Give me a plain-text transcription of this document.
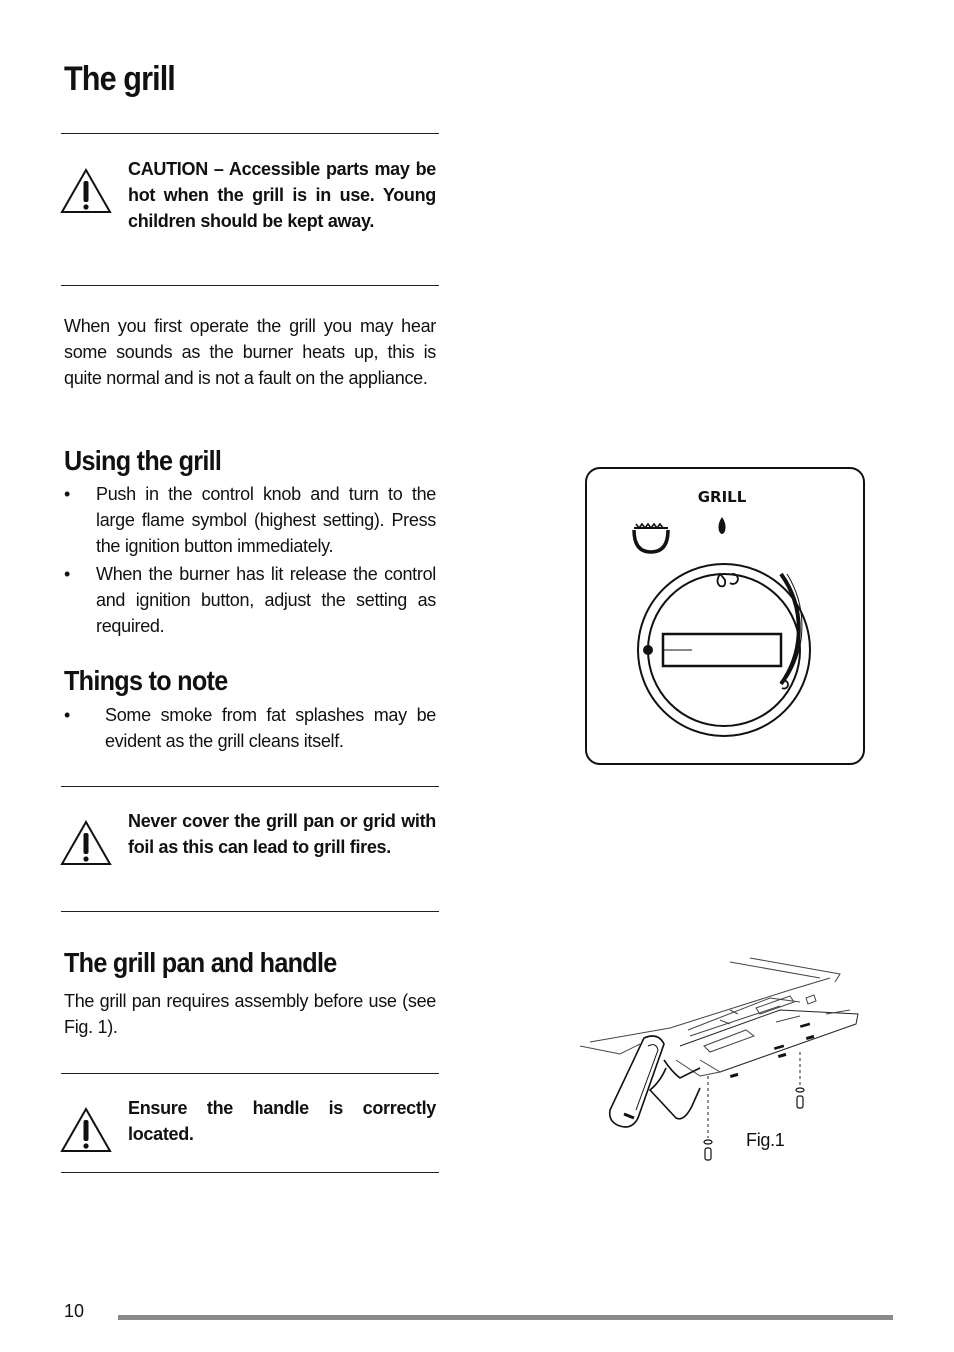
The grill

CAUTION – Accessible parts may be hot when the grill is in use. Young children should be kept away.

When you first operate the grill you may hear some sounds as the burner heats up, this is quite normal and is not a fault on the appliance.

Using the grill
• Push in the control knob and turn to the large flame symbol (highest setting). Press the ignition button immediately.
• When the burner has lit release the control and ignition button, adjust the setting as required.
Things to note
• Some smoke from fat splashes may be evident as the grill cleans itself.

Never cover the grill pan or grid with foil as this can lead to grill fires.

The grill pan and handle

The grill pan requires assembly before use (see Fig. 1).

Ensure the handle is correctly located.

GRILL
Fig.1
10
